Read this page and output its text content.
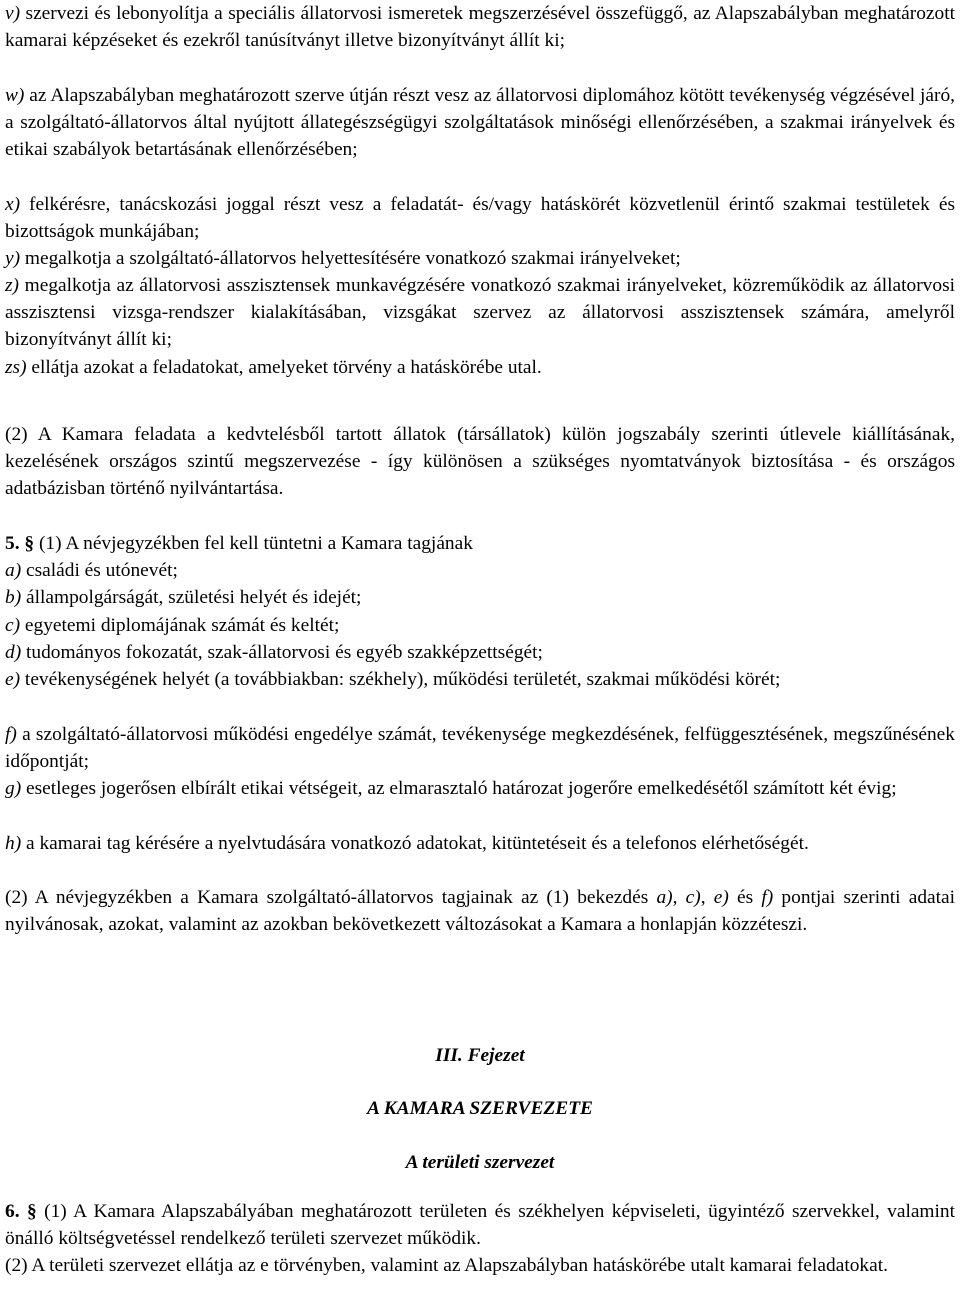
v) szervezi és lebonyolítja a speciális állatorvosi ismeretek megszerzésével összefüggő, az Alapszabályban meghatározott kamarai képzéseket és ezekről tanúsítványt illetve bizonyítványt állít ki;

w) az Alapszabályban meghatározott szerve útján részt vesz az állatorvosi diplomához kötött tevékenység végzésével járó, a szolgáltató-állatorvos által nyújtott állategészségügyi szolgáltatások minőségi ellenőrzésében, a szakmai irányelvek és etikai szabályok betartásának ellenőrzésében;

x) felkérésre, tanácskozási joggal részt vesz a feladatát- és/vagy hatáskörét közvetlenül érintő szakmai testületek és bizottságok munkájában;

y) megalkotja a szolgáltató-állatorvos helyettesítésére vonatkozó szakmai irányelveket;

z) megalkotja az állatorvosi asszisztensek munkavégzésére vonatkozó szakmai irányelveket, közreműködik az állatorvosi asszisztensi vizsga-rendszer kialakításában, vizsgákat szervez az állatorvosi asszisztensek számára, amelyről bizonyítványt állít ki;

zs) ellátja azokat a feladatokat, amelyeket törvény a hatáskörébe utal.

(2) A Kamara feladata a kedvtelésből tartott állatok (társállatok) külön jogszabály szerinti útlevele kiállításának, kezelésének országos szintű megszervezése - így különösen a szükséges nyomtatványok biztosítása - és országos adatbázisban történő nyilvántartása.

5. § (1) A névjegyzékben fel kell tüntetni a Kamara tagjának

a) családi és utónevét;

b) állampolgárságát, születési helyét és idejét;

c) egyetemi diplomájának számát és keltét;

d) tudományos fokozatát, szak-állatorvosi és egyéb szakképzettségét;

e) tevékenységének helyét (a továbbiakban: székhely), működési területét, szakmai működési körét;

f) a szolgáltató-állatorvosi működési engedélye számát, tevékenysége megkezdésének, felfüggesztésének, megszűnésének időpontját;

g) esetleges jogerősen elbírált etikai vétségeit, az elmarasztaló határozat jogerőre emelkedésétől számított két évig;

h) a kamarai tag kérésére a nyelvtudására vonatkozó adatokat, kitüntetéseit és a telefonos elérhetőségét.

(2) A névjegyzékben a Kamara szolgáltató-állatorvos tagjainak az (1) bekezdés a), c), e) és f) pontjai szerinti adatai nyilvánosak, azokat, valamint az azokban bekövetkezett változásokat a Kamara a honlapján közzéteszi.

III. Fejezet

A KAMARA SZERVEZETE

A területi szervezet

6. § (1) A Kamara Alapszabályában meghatározott területen és székhelyen képviseleti, ügyintéző szervekkel, valamint önálló költségvetéssel rendelkező területi szervezet működik.

(2) A területi szervezet ellátja az e törvényben, valamint az Alapszabályban hatáskörébe utalt kamarai feladatokat.
